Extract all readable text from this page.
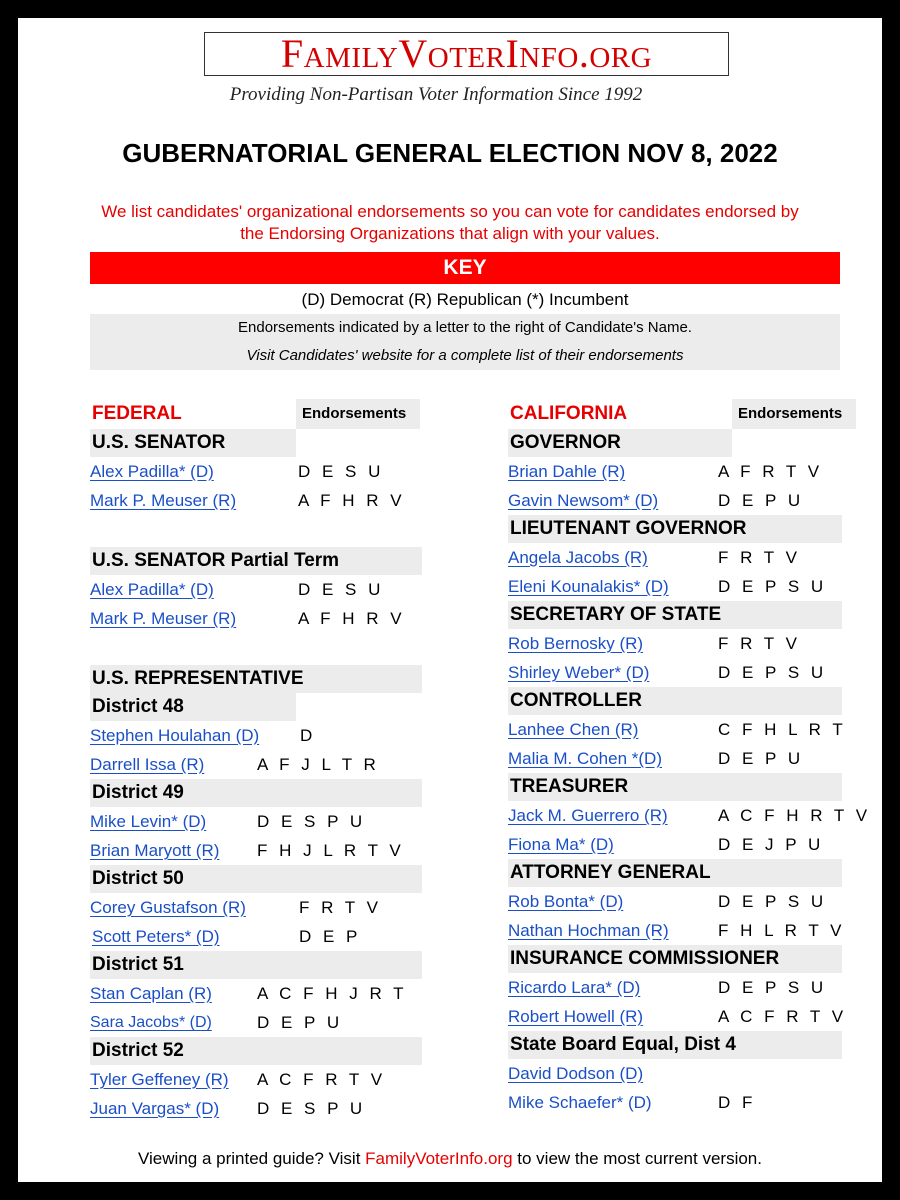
FAMILYVOTERINFO.ORG
Providing Non-Partisan Voter Information Since 1992
GUBERNATORIAL GENERAL ELECTION NOV 8, 2022
We list candidates' organizational endorsements so you can vote for candidates endorsed by the Endorsing Organizations that align with your values.
KEY
(D) Democrat (R) Republican (*) Incumbent
Endorsements indicated by a letter to the right of Candidate's Name.
Visit Candidates' website for a complete list of their endorsements
FEDERAL	Endorsements
U.S. SENATOR
Alex Padilla* (D)	D E S U
Mark P. Meuser (R)	A F H R V
U.S. SENATOR Partial Term
Alex Padilla* (D)	D E S U
Mark P. Meuser (R)	A F H R V
U.S. REPRESENTATIVE
District 48
Stephen Houlahan (D) D
Darrell Issa (R)	A F J L T R
District 49
Mike Levin* (D)	D E S P U
Brian Maryott (R) F H J L R T V
District 50
Corey Gustafson (R)	F R T V
Scott Peters* (D)	D E P
District 51
Stan Caplan (R)	A C F H J R T
Sara Jacobs* (D)	D E P U
District 52
Tyler Geffeney (R) A C F R T V
Juan Vargas* (D) D E S P U
CALIFORNIA	Endorsements
GOVERNOR
Brian Dahle (R)	A F R T V
Gavin Newsom* (D)	D E P U
LIEUTENANT GOVERNOR
Angela Jacobs (R)	F R T V
Eleni Kounalakis* (D)	D E P S U
SECRETARY OF STATE
Rob Bernosky (R)	F R T V
Shirley Weber* (D)	D E P S U
CONTROLLER
Lanhee Chen (R)	C F H L R T
Malia M. Cohen *(D)	D E P U
TREASURER
Jack M. Guerrero (R)	A C F H R T V
Fiona Ma* (D)	D E J P U
ATTORNEY GENERAL
Rob Bonta* (D)	D E P S U
Nathan Hochman (R)	F H L R T V
INSURANCE COMMISSIONER
Ricardo Lara* (D)	D E P S U
Robert Howell (R)	A C F R T V
State Board Equal, Dist 4
David Dodson (D)
Mike Schaefer* (D)	D F
Viewing a printed guide? Visit FamilyVoterInfo.org to view the most current version.
